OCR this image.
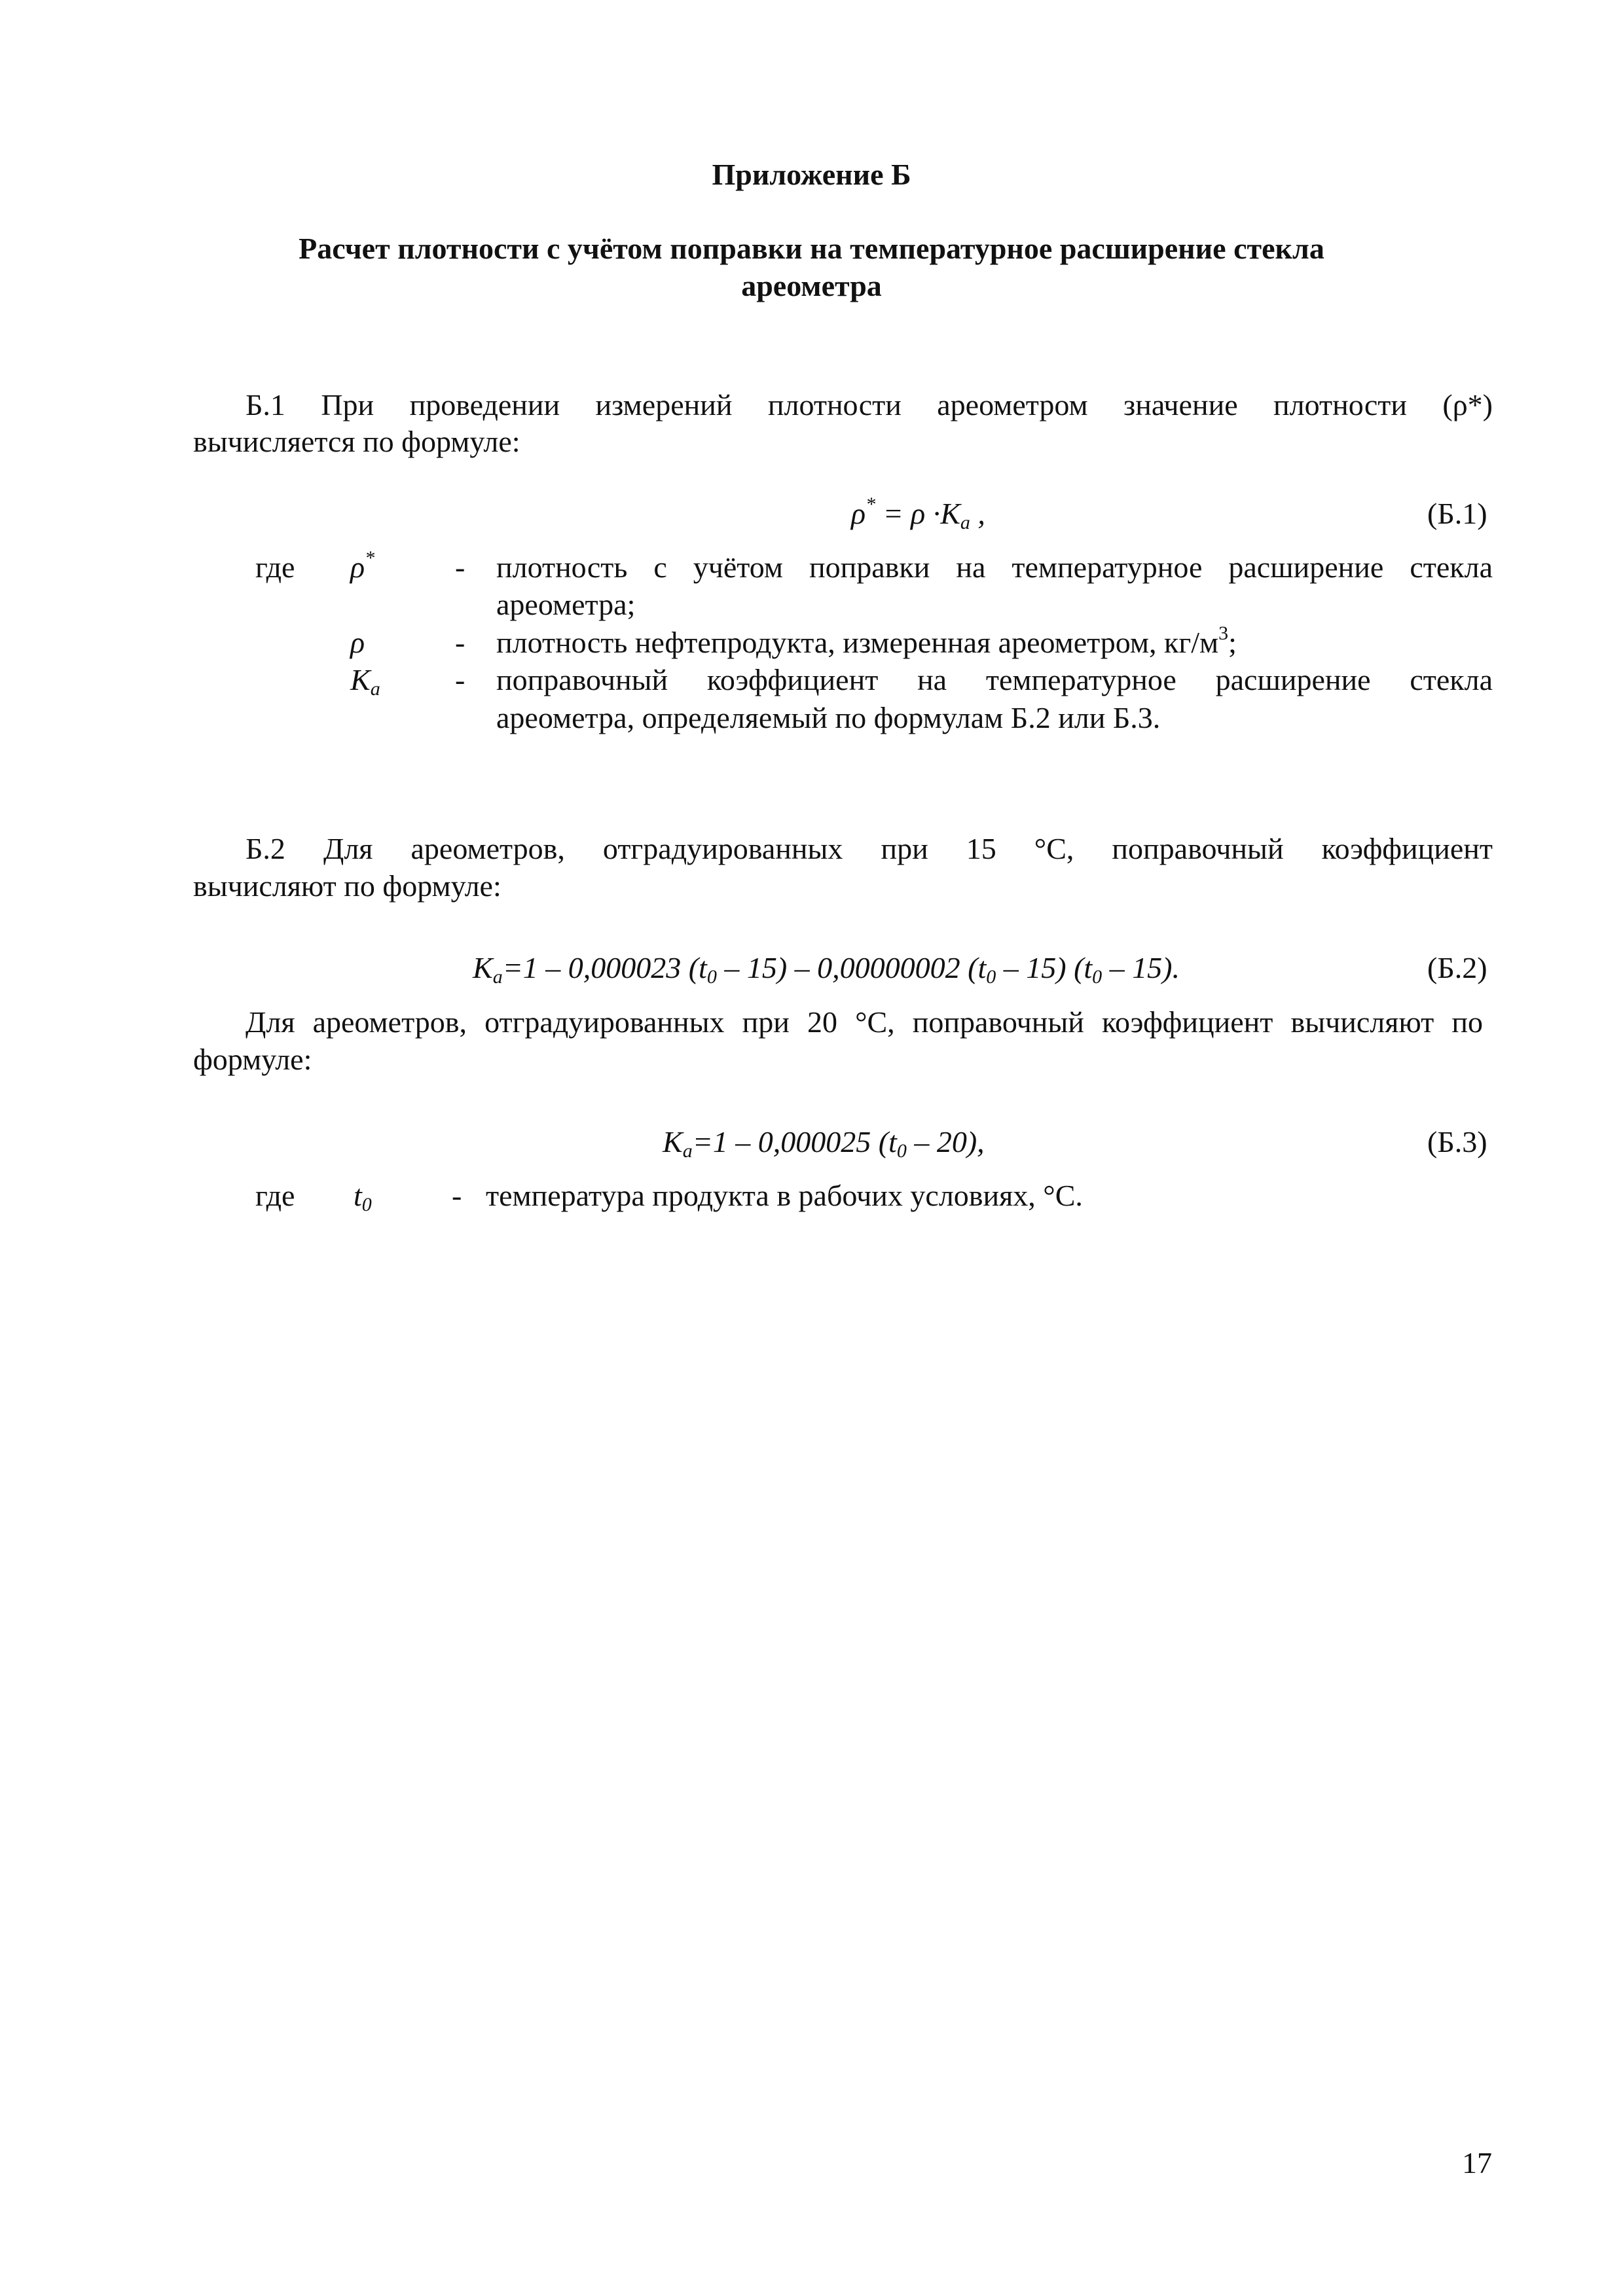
Приложение Б
Расчет плотности с учётом поправки на температурное расширение стекла
ареометра
Б.1 При проведении измерений плотности ареометром значение плотности (ρ*)
вычисляется по формуле:
$\rho^* = \rho \cdot K_a$ ,	(Б.1)
где ρ*	- плотность с учётом поправки на температурное расширение стекла
ареометра;
ρ	- плотность нефтепродукта, измеренная ареометром, $кг/м^3$;
$K_a$ - поправочный коэффициент на температурное расширение стекла
ареометра, определяемый по формулам Б.2 или Б.3.
Б.2 Для ареометров, отградуированных при 15 °С, поправочный коэффициент
вычисляют по формуле:
$K_a=1 - 0,000023$ $(t_0 - 15) - 0,00000002$ $(t_0 - 15)$ $(t_0 - 15)$.	(Б.2)
Для ареометров, отградуированных при 20 °С, поправочный коэффициент вычисляют по
формуле:
$K_a=1 - 0,000025$ $(t_0 - 20)$,	(Б.3)
где $t_0$	- температура продукта в рабочих условиях, °С.
17
